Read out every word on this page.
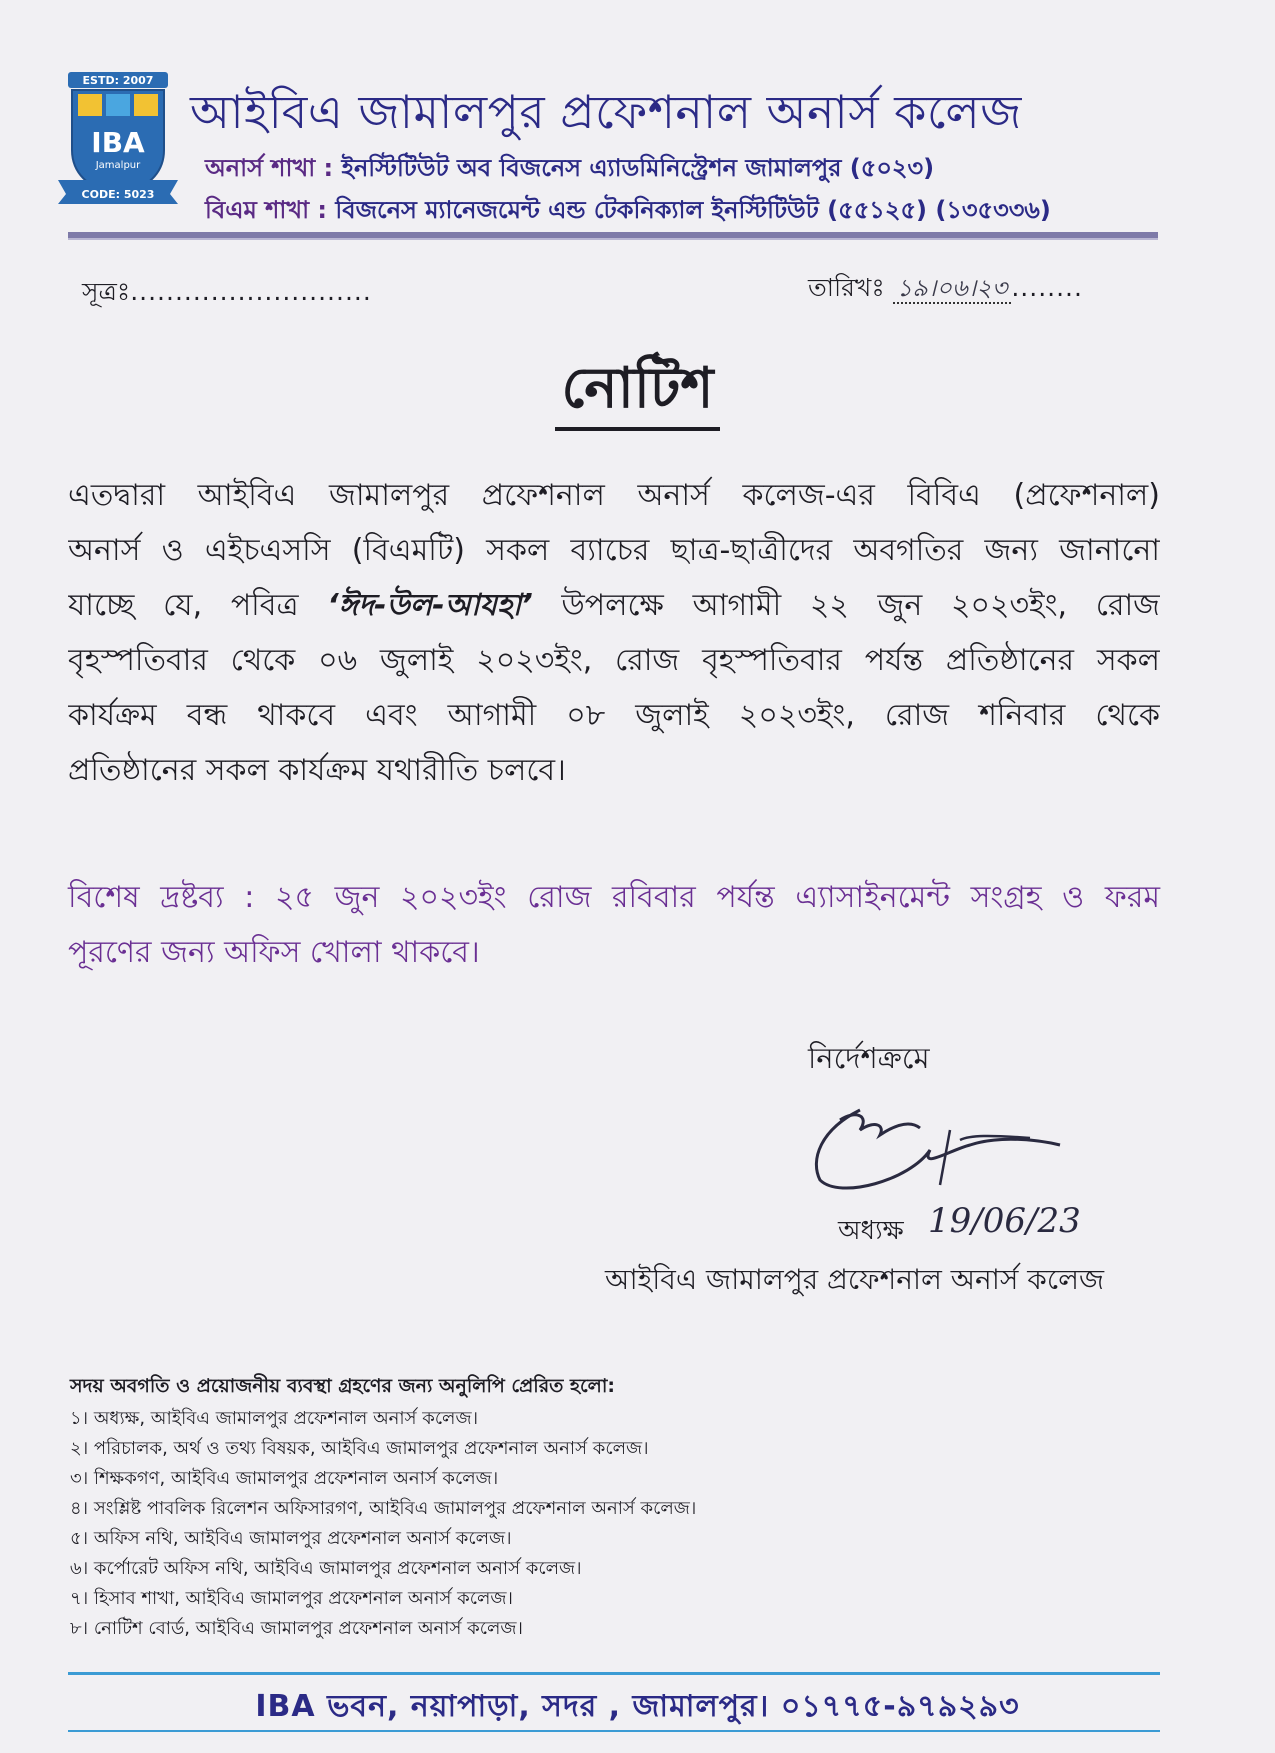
ESTD: 2007
IBA
Jamalpur
CODE: 5023
আইবিএ জামালপুর প্রফেশনাল অনার্স কলেজ
অনার্স শাখা : ইনস্টিটিউট অব বিজনেস এ্যাডমিনিস্ট্রেশন জামালপুর (৫০২৩)
বিএম শাখা : বিজনেস ম্যানেজমেন্ট এন্ড টেকনিক্যাল ইনস্টিটিউট (৫৫১২৫) (১৩৫৩৩৬)
সূত্রঃ...........................	তারিখঃ ১৯।০৬।২৩ ........
নোটিশ
এতদ্বারা আইবিএ জামালপুর প্রফেশনাল অনার্স কলেজ-এর বিবিএ (প্রফেশনাল)
অনার্স ও এইচএসসি (বিএমটি) সকল ব্যাচের ছাত্র-ছাত্রীদের অবগতির জন্য জানানো
যাচ্ছে যে, পবিত্র ‘ঈদ-উল-আযহা’ উপলক্ষে আগামী ২২ জুন ২০২৩ইং, রোজ
বৃহস্পতিবার থেকে ০৬ জুলাই ২০২৩ইং, রোজ বৃহস্পতিবার পর্যন্ত প্রতিষ্ঠানের সকল
কার্যক্রম বন্ধ থাকবে এবং আগামী ০৮ জুলাই ২০২৩ইং, রোজ শনিবার থেকে
প্রতিষ্ঠানের সকল কার্যক্রম যথারীতি চলবে।
বিশেষ দ্রষ্টব্য : ২৫ জুন ২০২৩ইং রোজ রবিবার পর্যন্ত এ্যাসাইনমেন্ট সংগ্রহ ও ফরম
পূরণের জন্য অফিস খোলা থাকবে।
নির্দেশক্রমে
19/06/23
অধ্যক্ষ
আইবিএ জামালপুর প্রফেশনাল অনার্স কলেজ
সদয় অবগতি ও প্রয়োজনীয় ব্যবস্থা গ্রহণের জন্য অনুলিপি প্রেরিত হলো:
১। অধ্যক্ষ, আইবিএ জামালপুর প্রফেশনাল অনার্স কলেজ।
২। পরিচালক, অর্থ ও তথ্য বিষয়ক, আইবিএ জামালপুর প্রফেশনাল অনার্স কলেজ।
৩। শিক্ষকগণ, আইবিএ জামালপুর প্রফেশনাল অনার্স কলেজ।
৪। সংশ্লিষ্ট পাবলিক রিলেশন অফিসারগণ, আইবিএ জামালপুর প্রফেশনাল অনার্স কলেজ।
৫। অফিস নথি, আইবিএ জামালপুর প্রফেশনাল অনার্স কলেজ।
৬। কর্পোরেট অফিস নথি, আইবিএ জামালপুর প্রফেশনাল অনার্স কলেজ।
৭। হিসাব শাখা, আইবিএ জামালপুর প্রফেশনাল অনার্স কলেজ।
৮। নোটিশ বোর্ড, আইবিএ জামালপুর প্রফেশনাল অনার্স কলেজ।
IBA ভবন, নয়াপাড়া, সদর , জামালপুর। ০১৭৭৫-৯৭৯২৯৩
